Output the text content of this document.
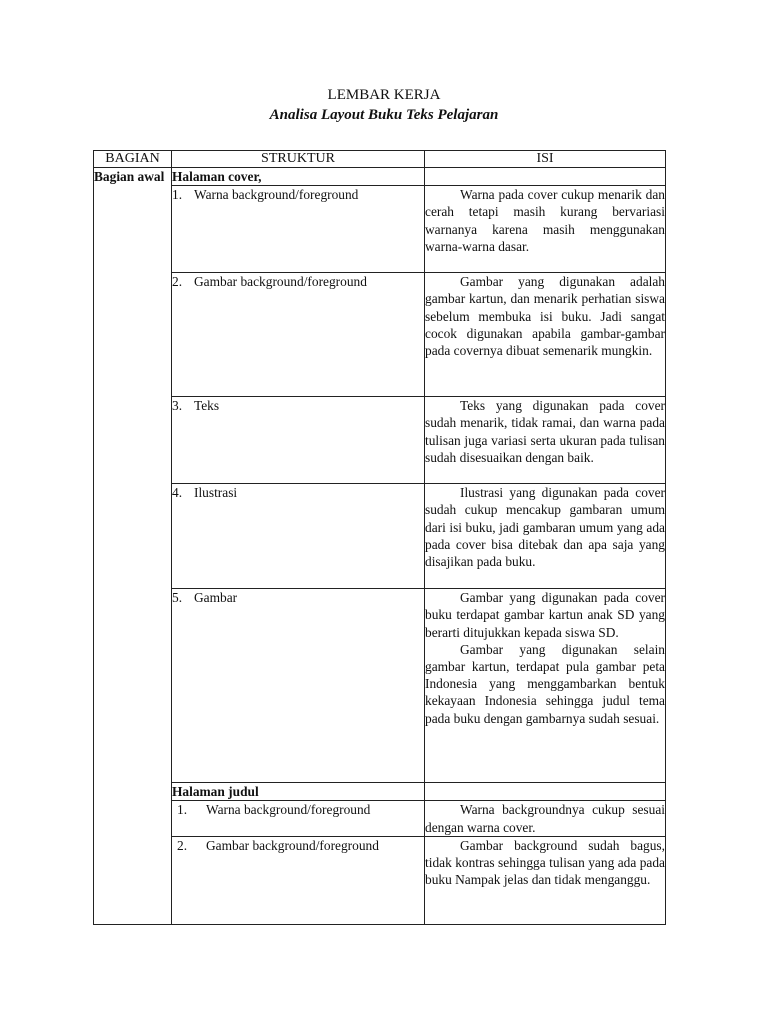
LEMBAR KERJA
Analisa Layout Buku Teks Pelajaran
BAGIAN	STRUKTUR	ISI
Bagian awal	Halaman cover,	
	1. Warna background/foreground	Warna pada cover cukup menarik dan cerah tetapi masih kurang bervariasi warnanya karena masih menggunakan warna-warna dasar.

	2. Gambar background/foreground	Gambar yang digunakan adalah gambar kartun, dan menarik perhatian siswa sebelum membuka isi buku. Jadi sangat cocok digunakan apabila gambar-gambar pada covernya dibuat semenarik mungkin.

	3. Teks	Teks yang digunakan pada cover sudah menarik, tidak ramai, dan warna pada tulisan juga variasi serta ukuran pada tulisan sudah disesuaikan dengan baik.

	4. Ilustrasi	Ilustrasi yang digunakan pada cover sudah cukup mencakup gambaran umum dari isi buku, jadi gambaran umum yang ada pada cover bisa ditebak dan apa saja yang disajikan pada buku.

	5. Gambar	Gambar yang digunakan pada cover buku terdapat gambar kartun anak SD yang berarti ditujukkan kepada siswa SD.

Gambar yang digunakan selain gambar kartun, terdapat pula gambar peta Indonesia yang menggambarkan bentuk kekayaan Indonesia sehingga judul tema pada buku dengan gambarnya sudah sesuai.

	Halaman judul	
	1. Warna background/foreground	Warna backgroundnya cukup sesuai dengan warna cover.

	2. Gambar background/foreground	Gambar background sudah bagus, tidak kontras sehingga tulisan yang ada pada buku Nampak jelas dan tidak menganggu.
